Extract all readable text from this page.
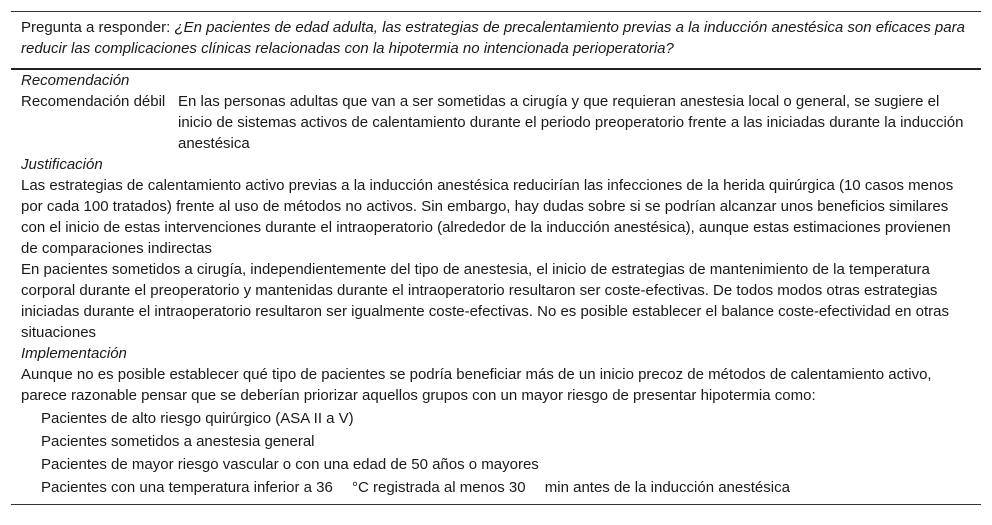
Pregunta a responder: ¿En pacientes de edad adulta, las estrategias de precalentamiento previas a la inducción anestésica son eficaces para reducir las complicaciones clínicas relacionadas con la hipotermia no intencionada perioperatoria?
Recomendación
Recomendación débil En las personas adultas que van a ser sometidas a cirugía y que requieran anestesia local o general, se sugiere el inicio de sistemas activos de calentamiento durante el periodo preoperatorio frente a las iniciadas durante la inducción anestésica
Justificación

Las estrategias de calentamiento activo previas a la inducción anestésica reducirían las infecciones de la herida quirúrgica (10 casos menos por cada 100 tratados) frente al uso de métodos no activos. Sin embargo, hay dudas sobre si se podrían alcanzar unos beneficios similares con el inicio de estas intervenciones durante el intraoperatorio (alrededor de la inducción anestésica), aunque estas estimaciones provienen de comparaciones indirectas

En pacientes sometidos a cirugía, independientemente del tipo de anestesia, el inicio de estrategias de mantenimiento de la temperatura corporal durante el preoperatorio y mantenidas durante el intraoperatorio resultaron ser coste-efectivas. De todos modos otras estrategias iniciadas durante el intraoperatorio resultaron ser igualmente coste-efectivas. No es posible establecer el balance coste-efectividad en otras situaciones

Implementación

Aunque no es posible establecer qué tipo de pacientes se podría beneficiar más de un inicio precoz de métodos de calentamiento activo, parece razonable pensar que se deberían priorizar aquellos grupos con un mayor riesgo de presentar hipotermia como:

Pacientes de alto riesgo quirúrgico (ASA II a V)
Pacientes sometidos a anestesia general
Pacientes de mayor riesgo vascular o con una edad de 50 años o mayores
Pacientes con una temperatura inferior a 36  °C registrada al menos 30  min antes de la inducción anestésica
